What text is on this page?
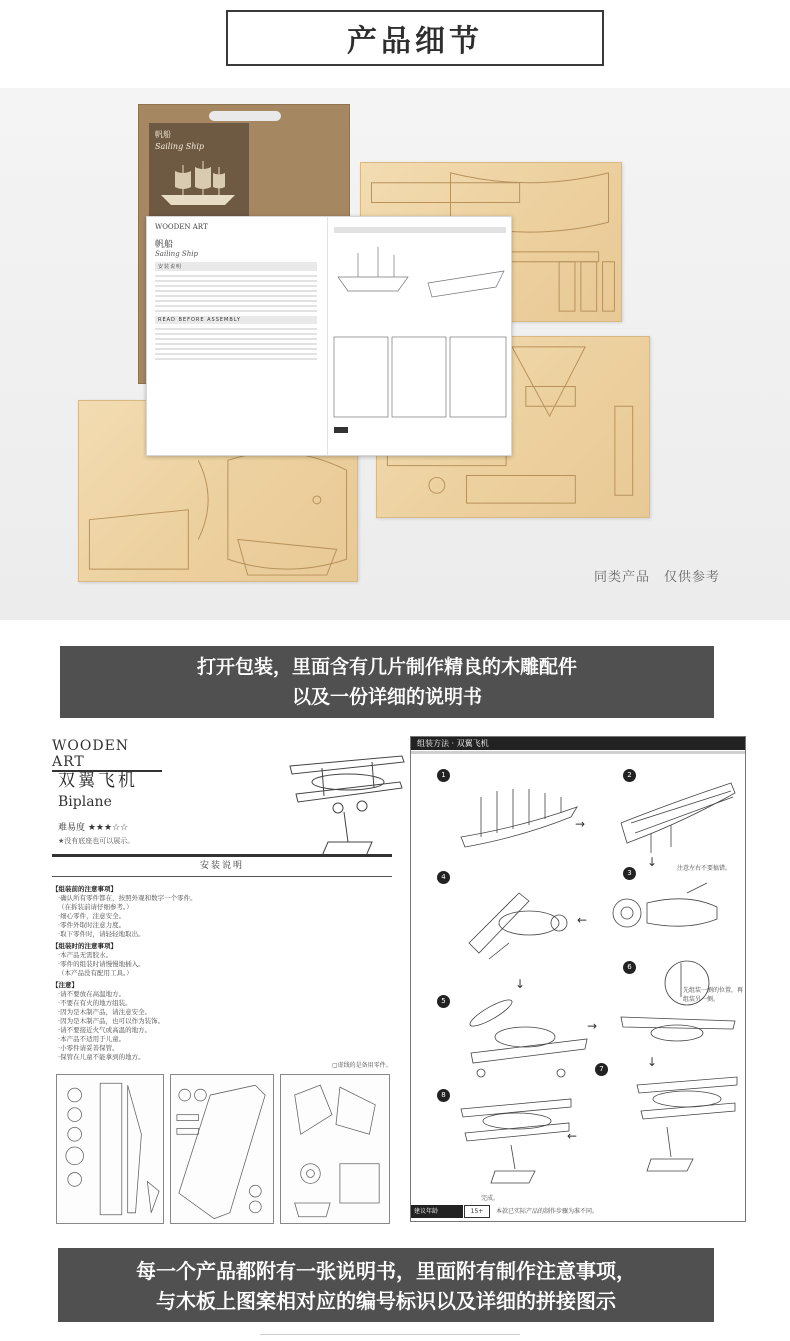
产品细节
帆船
Sailing Ship
WOODEN ART
帆船
Sailing Ship
安装说明
READ BEFORE ASSEMBLY
同类产品　仅供参考

打开包装，里面含有几片制作精良的木雕配件

以及一份详细的说明书

WOODEN ART
双翼飞机
Biplane
难易度 ★★★☆☆
★没有底座也可以展示。
安装说明
【组装前的注意事项】
·确认所有零件都在，按照外观和数字一个零件。
（在拆装前请仔细参考。）
·细心零件，注意安全。
·零件外取时注意力度。
·取下零件时，请轻轻地取出。
【组装时的注意事项】
·本产品无需胶水。
·零件的组装时请慢慢地插入。
（本产品没有配用工具。）
【注意】
·请不要放在高温地方。
·不要在有火的地方组装。
·因为是木制产品，请注意安全。
·因为是木制产品，也可以作为装饰。
·请不要接近火气或高温的地方。
·本产品不适用于儿童。
·小零件请妥善保管。
·保管在儿童不能拿到的地方。
▢虚线的是备用零件。
组装方法 · 双翼飞机
1
→
2
注意左右不要搞错。
↓
3
←
4
↓
5
→
6
先组装一侧的位置，再组装另一侧。
↓
7
←
8
完成。
建议年龄	15+	本款已实际产品的制作步骤为准不同。

每一个产品都附有一张说明书，里面附有制作注意事项，

与木板上图案相对应的编号标识以及详细的拼接图示
